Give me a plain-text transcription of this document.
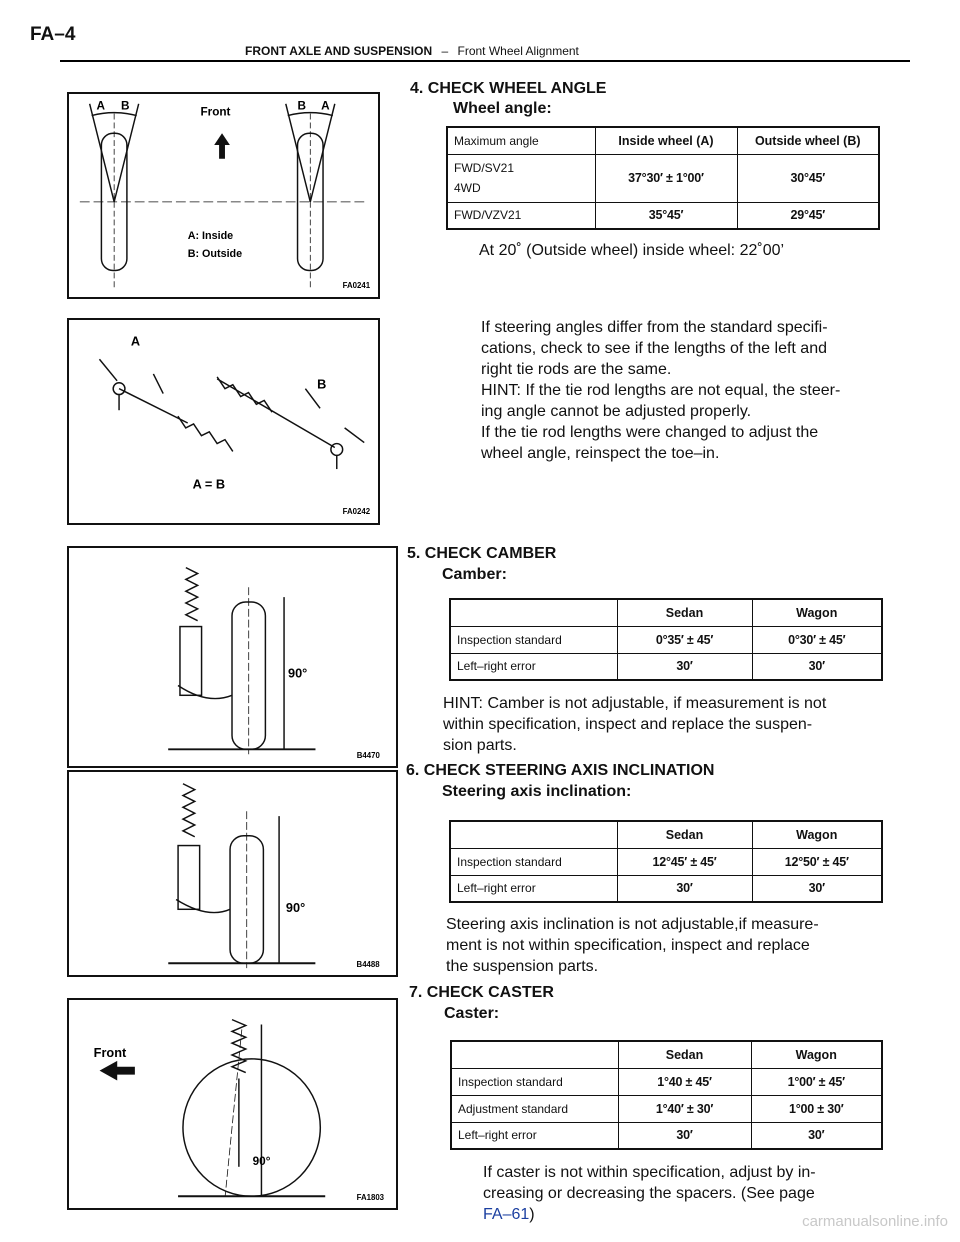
FA–4
FRONT AXLE AND SUSPENSION – Front Wheel Alignment
A B	B A
Front
A: Inside
B: Outside
FA0241
A
B
A = B
FA0242
90°
B4470
90°
B4488
Front
90°
FA1803
4. CHECK WHEEL ANGLE
Wheel angle:
Maximum angle	Inside wheel (A)	Outside wheel (B)

FWD/SV21
4WD	37°30′ ± 1°00′	30°45′
FWD/VZV21	35°45′	29°45′
At 20˚ (Outside wheel) inside wheel: 22˚00’
If steering angles differ from the standard specifi-
cations, check to see if the lengths of the left and
right tie rods are the same.
HINT: If the tie rod lengths are not equal, the steer-
ing angle cannot be adjusted properly.
If the tie rod lengths were changed to adjust the
wheel angle, reinspect the toe–in.
5. CHECK CAMBER
Camber:
	Sedan	Wagon
Inspection standard	0°35′ ± 45′	0°30′ ± 45′
Left–right error	30′	30′
HINT: Camber is not adjustable, if measurement is not
within specification, inspect and replace the suspen-
sion parts.
6. CHECK STEERING AXIS INCLINATION
Steering axis inclination:
	Sedan	Wagon
Inspection standard	12°45′ ± 45′	12°50′ ± 45′
Left–right error	30′	30′
Steering axis inclination is not adjustable,if measure-
ment is not within specification, inspect and replace
the suspension parts.
7. CHECK CASTER
Caster:
	Sedan	Wagon
Inspection standard	1°40 ± 45′	1°00′ ± 45′
Adjustment standard	1°40′ ± 30′	1°00 ± 30′
Left–right error	30′	30′
If caster is not within specification, adjust by in-
creasing or decreasing the spacers. (See page
FA–61)	carmanualsonline.info
